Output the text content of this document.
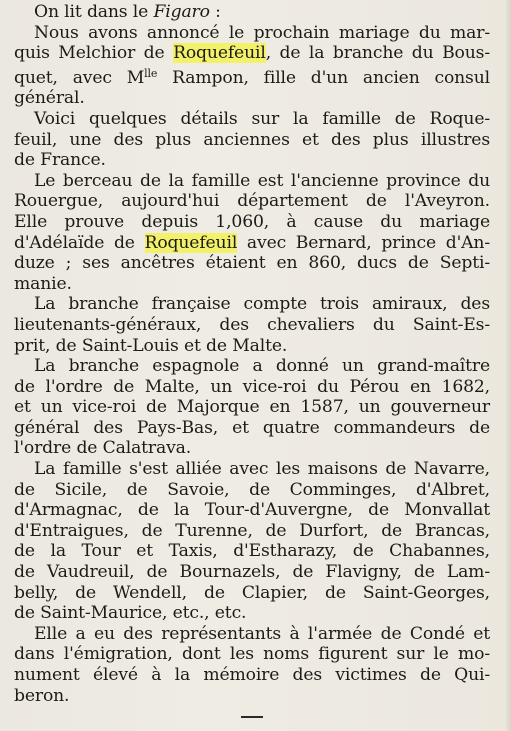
On lit dans le Figaro :
Nous avons annoncé le prochain mariage du mar-
quis Melchior de Roquefeuil, de la branche du Bous-
quet, avec $M^{lle}$ Rampon, fille d'un ancien consul
général.
Voici quelques détails sur la famille de Roque-
feuil, une des plus anciennes et des plus illustres
de France.
Le berceau de la famille est l'ancienne province du
Rouergue, aujourd'hui département de l'Aveyron.
Elle prouve depuis 1,060, à cause du mariage
d'Adélaïde de Roquefeuil avec Bernard, prince d'An-
duze ; ses ancêtres étaient en 860, ducs de Septi-
manie.
La branche française compte trois amiraux, des
lieutenants-généraux, des chevaliers du Saint-Es-
prit, de Saint-Louis et de Malte.
La branche espagnole a donné un grand-maître
de l'ordre de Malte, un vice-roi du Pérou en 1682,
et un vice-roi de Majorque en 1587, un gouverneur
général des Pays-Bas, et quatre commandeurs de
l'ordre de Calatrava.
La famille s'est alliée avec les maisons de Navarre,
de Sicile, de Savoie, de Comminges, d'Albret,
d'Armagnac, de la Tour-d'Auvergne, de Monvallat
d'Entraigues, de Turenne, de Durfort, de Brancas,
de la Tour et Taxis, d'Estharazy, de Chabannes,
de Vaudreuil, de Bournazels, de Flavigny, de Lam-
belly, de Wendell, de Clapier, de Saint-Georges,
de Saint-Maurice, etc., etc.
Elle a eu des représentants à l'armée de Condé et
dans l'émigration, dont les noms figurent sur le mo-
nument élevé à la mémoire des victimes de Qui-
beron.
